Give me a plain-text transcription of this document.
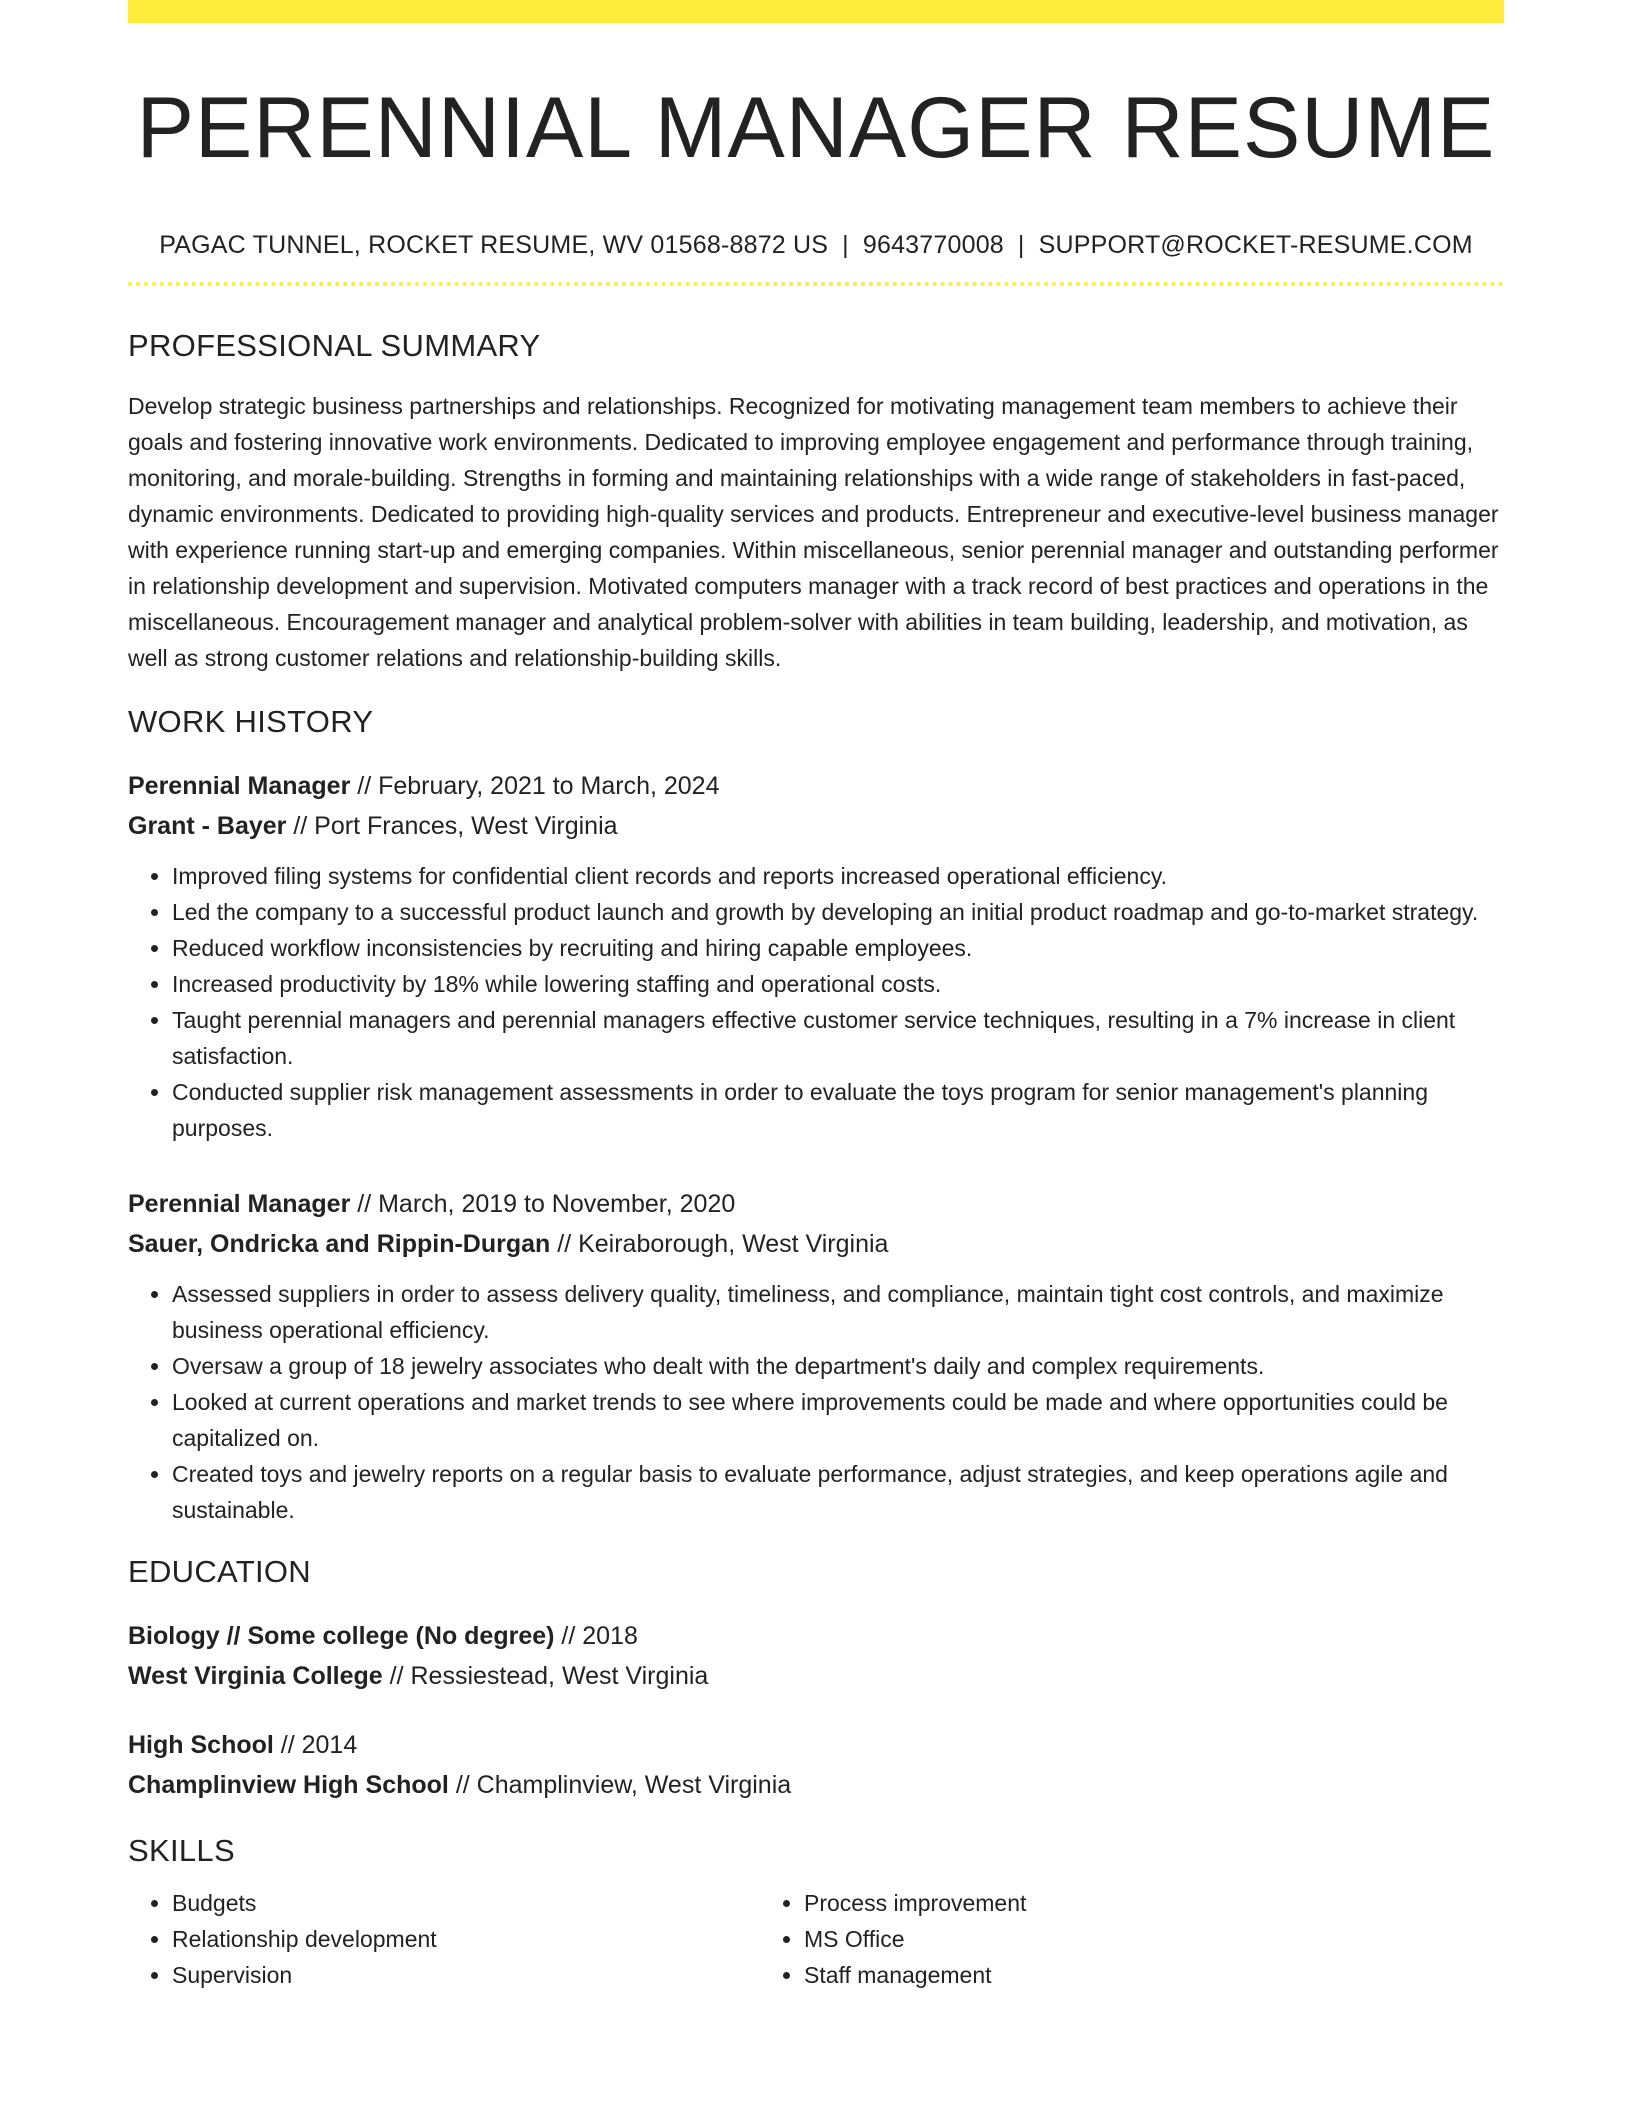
PERENNIAL MANAGER RESUME
PAGAC TUNNEL, ROCKET RESUME, WV 01568-8872 US | 9643770008 | SUPPORT@ROCKET-RESUME.COM
PROFESSIONAL SUMMARY
Develop strategic business partnerships and relationships. Recognized for motivating management team members to achieve their goals and fostering innovative work environments. Dedicated to improving employee engagement and performance through training, monitoring, and morale-building. Strengths in forming and maintaining relationships with a wide range of stakeholders in fast-paced, dynamic environments. Dedicated to providing high-quality services and products. Entrepreneur and executive-level business manager with experience running start-up and emerging companies. Within miscellaneous, senior perennial manager and outstanding performer in relationship development and supervision. Motivated computers manager with a track record of best practices and operations in the miscellaneous. Encouragement manager and analytical problem-solver with abilities in team building, leadership, and motivation, as well as strong customer relations and relationship-building skills.
WORK HISTORY
Perennial Manager // February, 2021 to March, 2024
Grant - Bayer // Port Frances, West Virginia
• Improved filing systems for confidential client records and reports increased operational efficiency.
• Led the company to a successful product launch and growth by developing an initial product roadmap and go-to-market strategy.
• Reduced workflow inconsistencies by recruiting and hiring capable employees.
• Increased productivity by 18% while lowering staffing and operational costs.
• Taught perennial managers and perennial managers effective customer service techniques, resulting in a 7% increase in client satisfaction.
• Conducted supplier risk management assessments in order to evaluate the toys program for senior management's planning purposes.
Perennial Manager // March, 2019 to November, 2020
Sauer, Ondricka and Rippin-Durgan // Keiraborough, West Virginia
• Assessed suppliers in order to assess delivery quality, timeliness, and compliance, maintain tight cost controls, and maximize business operational efficiency.
• Oversaw a group of 18 jewelry associates who dealt with the department's daily and complex requirements.
• Looked at current operations and market trends to see where improvements could be made and where opportunities could be capitalized on.
• Created toys and jewelry reports on a regular basis to evaluate performance, adjust strategies, and keep operations agile and sustainable.
EDUCATION
Biology // Some college (No degree) // 2018
West Virginia College // Ressiestead, West Virginia
High School // 2014
Champlinview High School // Champlinview, West Virginia
SKILLS
• Budgets
• Relationship development
• Supervision
• Process improvement
• MS Office
• Staff management
